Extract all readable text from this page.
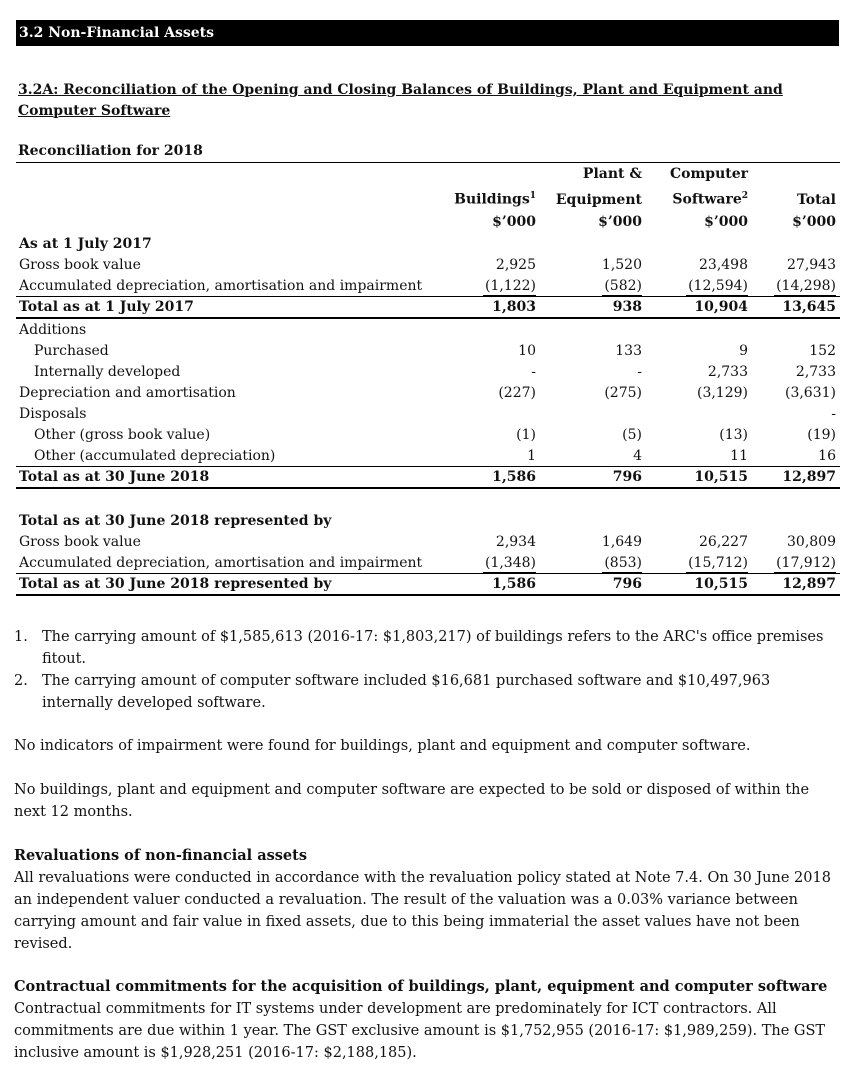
3.2 Non-Financial Assets
3.2A: Reconciliation of the Opening and Closing Balances of Buildings, Plant and Equipment and Computer Software
Reconciliation for 2018
		Plant &	Computer	
	Buildings$^1$	Equipment	Software$^2$	Total
	$’000	$’000	$’000	$’000
As at 1 July 2017				
Gross book value	2,925	1,520	23,498	27,943
Accumulated depreciation, amortisation and impairment	(1,122)	(582)	(12,594)	(14,298)
Total as at 1 July 2017	1,803	938	10,904	13,645
Additions				
Purchased	10	133	9	152
Internally developed	-	-	2,733	2,733
Depreciation and amortisation	(227)	(275)	(3,129)	(3,631)
Disposals				-
Other (gross book value)	(1)	(5)	(13)	(19)
Other (accumulated depreciation)	1	4	11	16
Total as at 30 June 2018	1,586	796	10,515	12,897
Total as at 30 June 2018 represented by				
Gross book value	2,934	1,649	26,227	30,809
Accumulated depreciation, amortisation and impairment	(1,348)	(853)	(15,712)	(17,912)
Total as at 30 June 2018 represented by	1,586	796	10,515	12,897
1. The carrying amount of $1,585,613 (2016-17: $1,803,217) of buildings refers to the ARC's office premises fitout.
2. The carrying amount of computer software included $16,681 purchased software and $10,497,963 internally developed software.

No indicators of impairment were found for buildings, plant and equipment and computer software.

No buildings, plant and equipment and computer software are expected to be sold or disposed of within the next 12 months.

Revaluations of non-financial assets
All revaluations were conducted in accordance with the revaluation policy stated at Note 7.4. On 30 June 2018 an independent valuer conducted a revaluation. The result of the valuation was a 0.03% variance between carrying amount and fair value in fixed assets, due to this being immaterial the asset values have not been revised.
Contractual commitments for the acquisition of buildings, plant, equipment and computer software
Contractual commitments for IT systems under development are predominately for ICT contractors. All commitments are due within 1 year. The GST exclusive amount is $1,752,955 (2016-17: $1,989,259). The GST inclusive amount is $1,928,251 (2016-17: $2,188,185).
